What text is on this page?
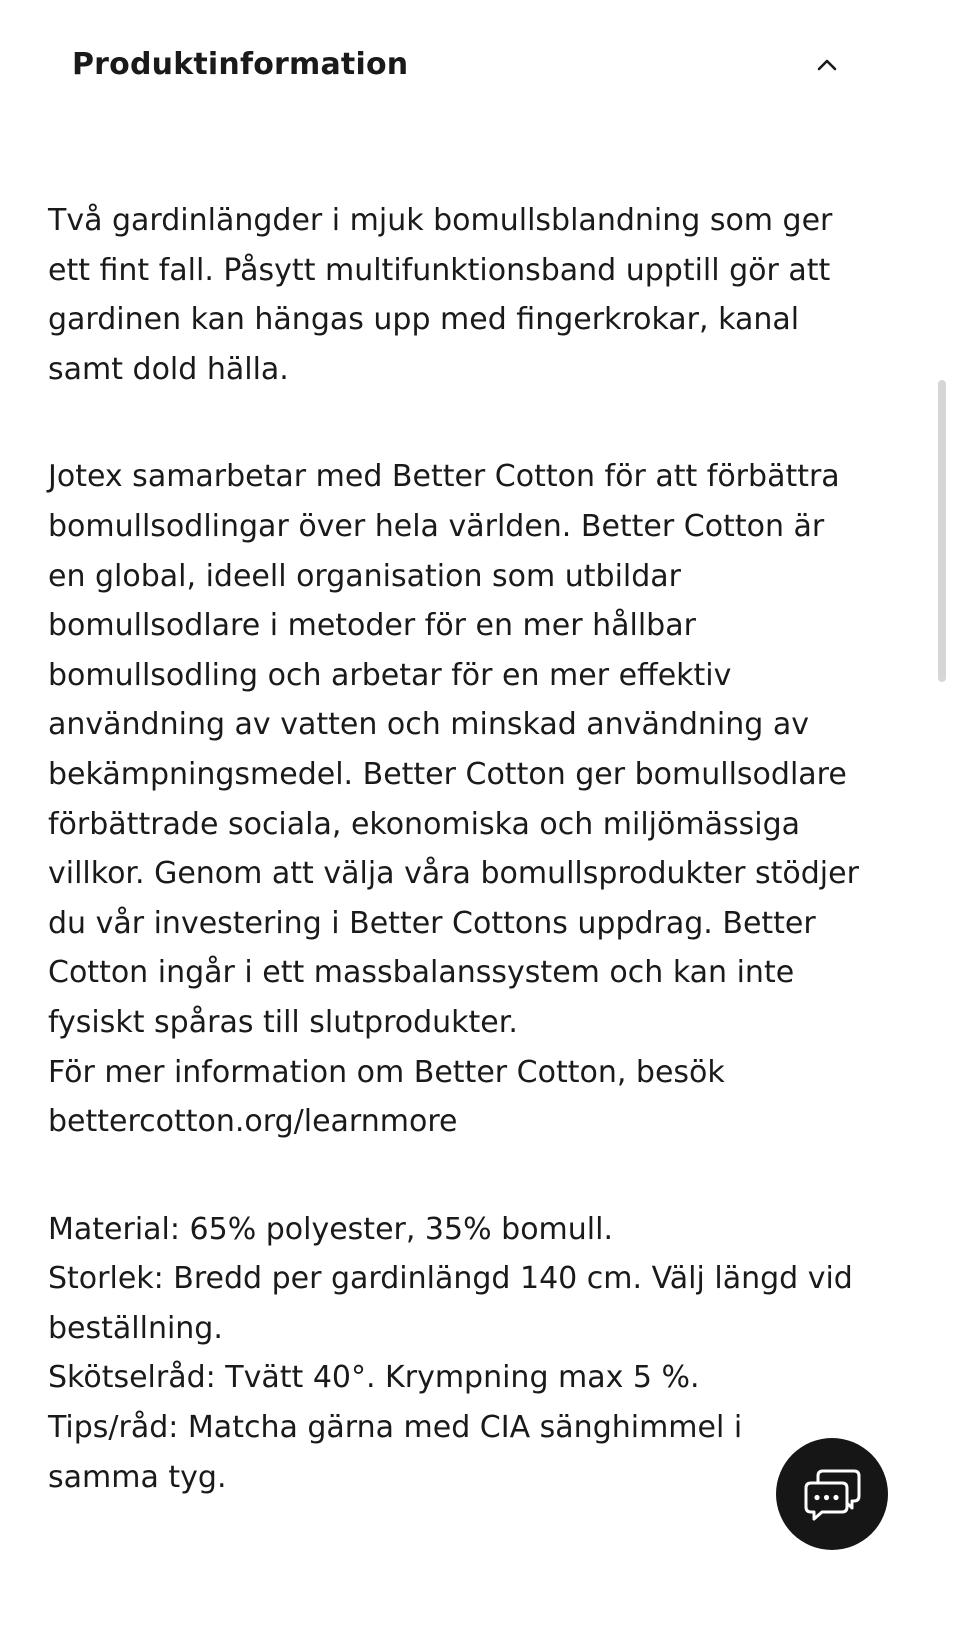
Produktinformation

Två gardinlängder i mjuk bomullsblandning som ger
ett fint fall. Påsytt multifunktionsband upptill gör att
gardinen kan hängas upp med fingerkrokar, kanal
samt dold hälla.

Jotex samarbetar med Better Cotton för att förbättra
bomullsodlingar över hela världen. Better Cotton är
en global, ideell organisation som utbildar
bomullsodlare i metoder för en mer hållbar
bomullsodling och arbetar för en mer effektiv
användning av vatten och minskad användning av
bekämpningsmedel. Better Cotton ger bomullsodlare
förbättrade sociala, ekonomiska och miljömässiga
villkor. Genom att välja våra bomullsprodukter stödjer
du vår investering i Better Cottons uppdrag. Better
Cotton ingår i ett massbalanssystem och kan inte
fysiskt spåras till slutprodukter.
För mer information om Better Cotton, besök
bettercotton.org/learnmore

Material: 65% polyester, 35% bomull.
Storlek: Bredd per gardinlängd 140 cm. Välj längd vid
beställning.
Skötselråd: Tvätt 40°. Krympning max 5 %.
Tips/råd: Matcha gärna med CIA sänghimmel i
samma tyg.
